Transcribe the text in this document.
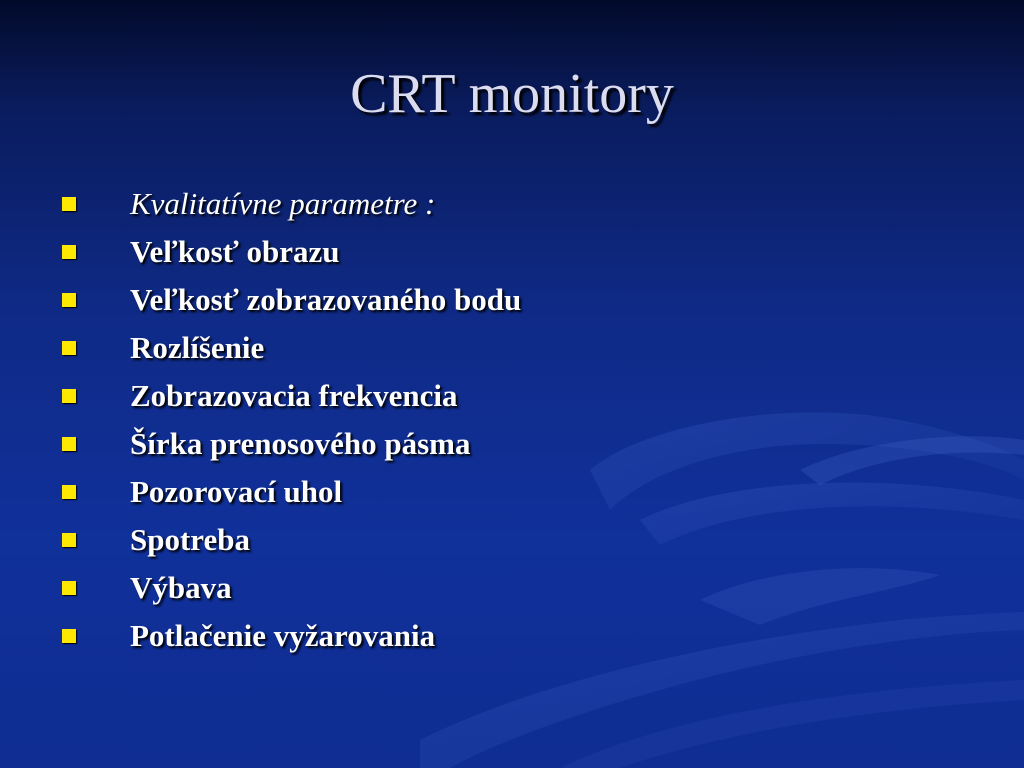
CRT monitory
Kvalitatívne parametre :
Veľkosť obrazu
Veľkosť zobrazovaného bodu
Rozlíšenie
Zobrazovacia frekvencia
Šírka prenosového pásma
Pozorovací uhol
Spotreba
Výbava
Potlačenie vyžarovania
